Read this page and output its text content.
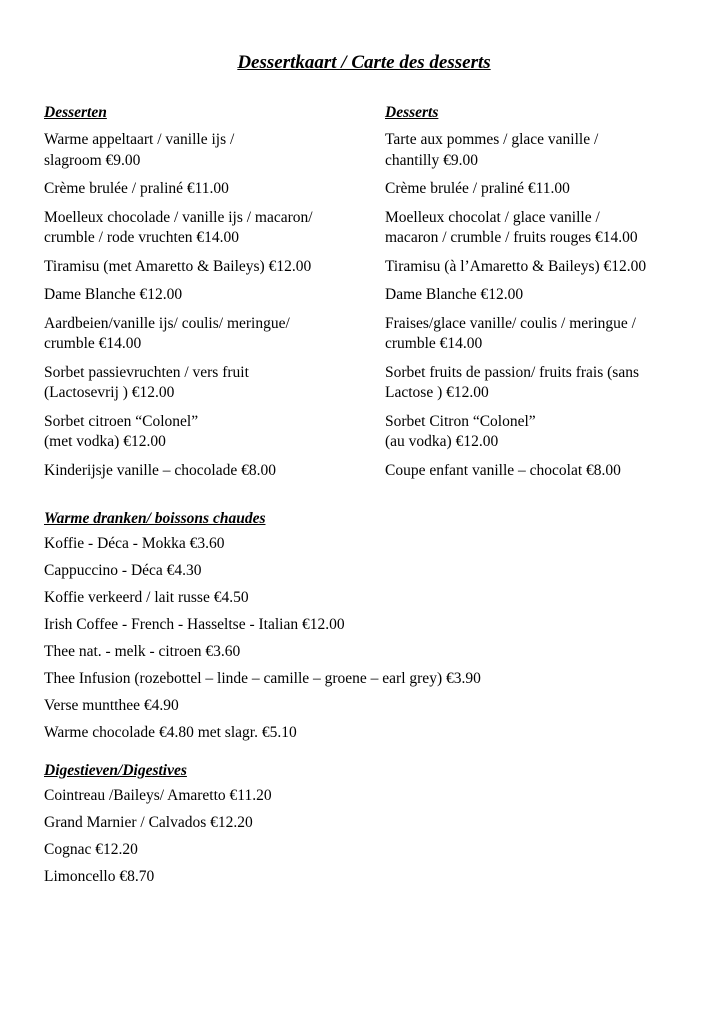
Dessertkaart / Carte des desserts
Desserten
Warme appeltaart / vanille ijs /
slagroom €9.00
Crème brulée / praliné €11.00
Moelleux chocolade / vanille ijs / macaron/
crumble / rode vruchten €14.00
Tiramisu (met Amaretto & Baileys) €12.00
Dame Blanche €12.00
Aardbeien/vanille ijs/ coulis/ meringue/
crumble €14.00
Sorbet passievruchten / vers fruit
(Lactosevrij ) €12.00
Sorbet citroen “Colonel”
(met vodka) €12.00
Kinderijsje vanille – chocolade €8.00
Desserts
Tarte aux pommes / glace vanille /
chantilly €9.00
Crème brulée / praliné €11.00
Moelleux chocolat / glace vanille /
macaron / crumble / fruits rouges €14.00
Tiramisu (à l’Amaretto & Baileys) €12.00
Dame Blanche €12.00
Fraises/glace vanille/ coulis / meringue /
crumble €14.00
Sorbet fruits de passion/ fruits frais (sans
Lactose ) €12.00
Sorbet Citron “Colonel”
(au vodka) €12.00
Coupe enfant vanille – chocolat €8.00
Warme dranken/ boissons chaudes
Koffie - Déca - Mokka €3.60
Cappuccino - Déca €4.30
Koffie verkeerd / lait russe €4.50
Irish Coffee - French - Hasseltse - Italian €12.00
Thee nat. - melk - citroen €3.60
Thee Infusion (rozebottel – linde – camille – groene – earl grey) €3.90
Verse muntthee €4.90
Warme chocolade €4.80 met slagr. €5.10
Digestieven/Digestives
Cointreau /Baileys/ Amaretto €11.20
Grand Marnier / Calvados €12.20
Cognac €12.20
Limoncello €8.70
